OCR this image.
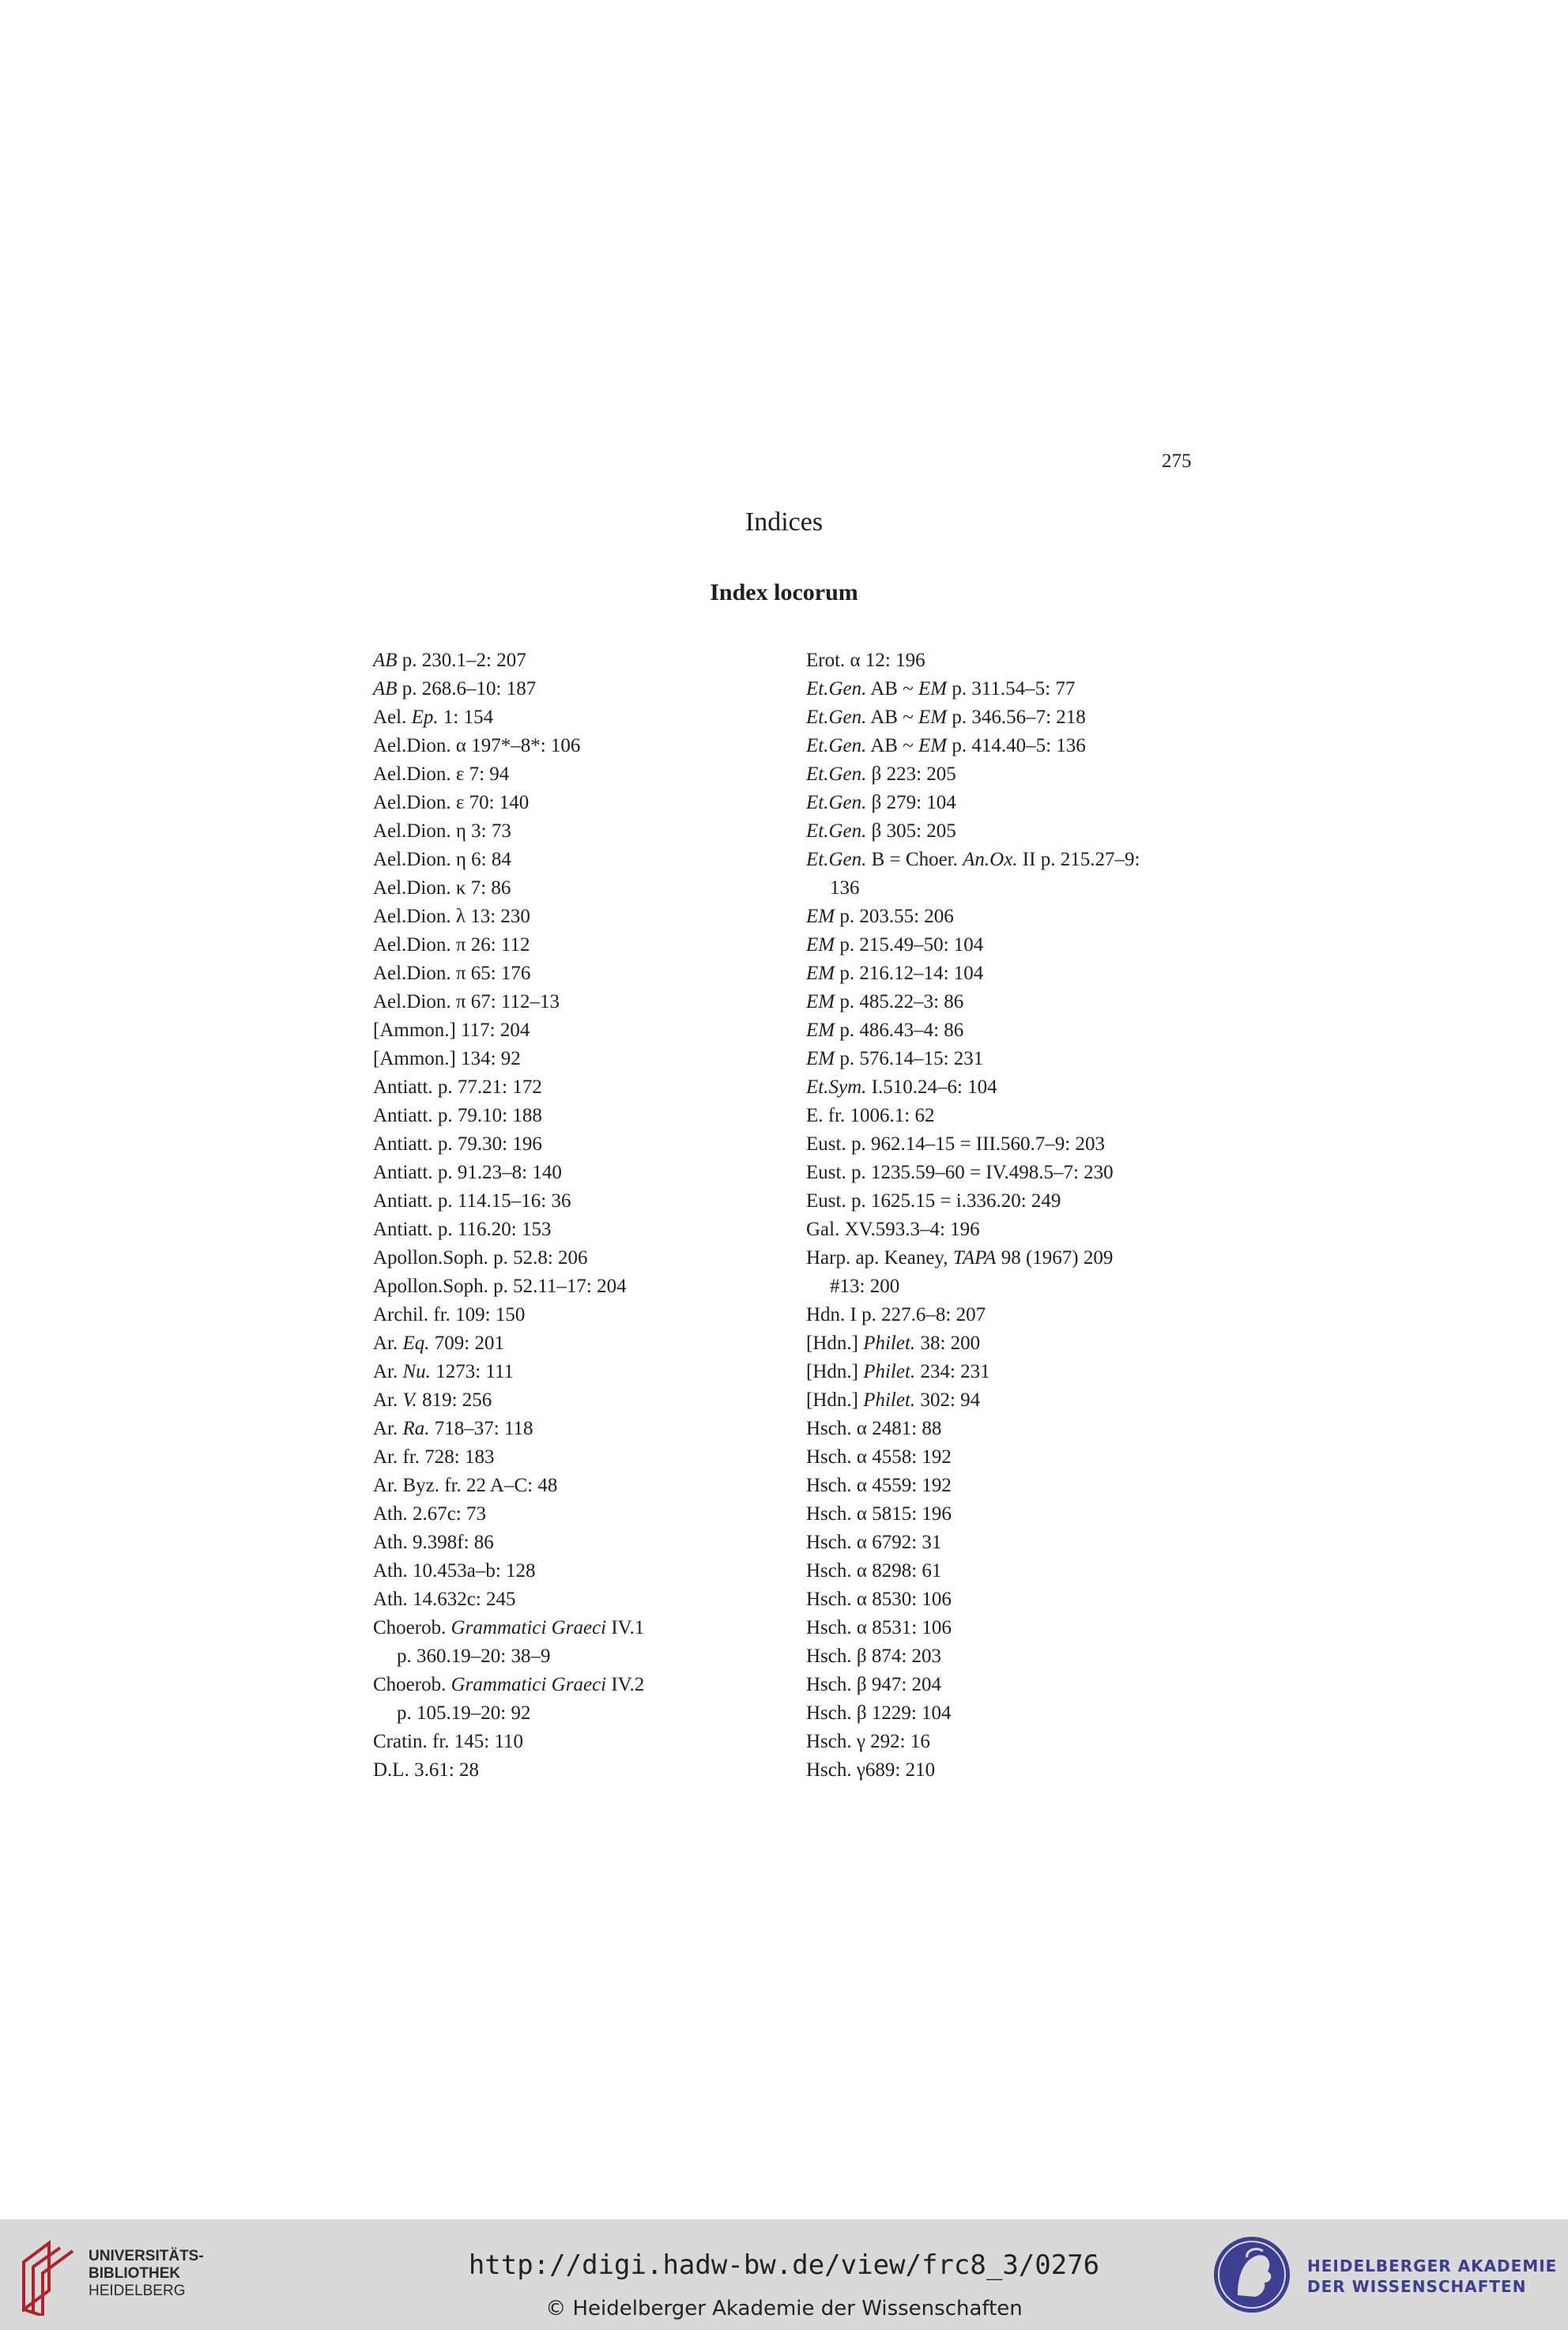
275
Indices
Index locorum
AB p. 230.1–2: 207
AB p. 268.6–10: 187
Ael. Ep. 1: 154
Ael.Dion. α 197*–8*: 106
Ael.Dion. ε 7: 94
Ael.Dion. ε 70: 140
Ael.Dion. η 3: 73
Ael.Dion. η 6: 84
Ael.Dion. κ 7: 86
Ael.Dion. λ 13: 230
Ael.Dion. π 26: 112
Ael.Dion. π 65: 176
Ael.Dion. π 67: 112–13
[Ammon.] 117: 204
[Ammon.] 134: 92
Antiatt. p. 77.21: 172
Antiatt. p. 79.10: 188
Antiatt. p. 79.30: 196
Antiatt. p. 91.23–8: 140
Antiatt. p. 114.15–16: 36
Antiatt. p. 116.20: 153
Apollon.Soph. p. 52.8: 206
Apollon.Soph. p. 52.11–17: 204
Archil. fr. 109: 150
Ar. Eq. 709: 201
Ar. Nu. 1273: 111
Ar. V. 819: 256
Ar. Ra. 718–37: 118
Ar. fr. 728: 183
Ar. Byz. fr. 22 A–C: 48
Ath. 2.67c: 73
Ath. 9.398f: 86
Ath. 10.453a–b: 128
Ath. 14.632c: 245
Choerob. Grammatici Graeci IV.1
p. 360.19–20: 38–9
Choerob. Grammatici Graeci IV.2
p. 105.19–20: 92
Cratin. fr. 145: 110
D.L. 3.61: 28
Erot. α 12: 196
Et.Gen. AB ~ EM p. 311.54–5: 77
Et.Gen. AB ~ EM p. 346.56–7: 218
Et.Gen. AB ~ EM p. 414.40–5: 136
Et.Gen. β 223: 205
Et.Gen. β 279: 104
Et.Gen. β 305: 205
Et.Gen. B = Choer. An.Ox. II p. 215.27–9:
136
EM p. 203.55: 206
EM p. 215.49–50: 104
EM p. 216.12–14: 104
EM p. 485.22–3: 86
EM p. 486.43–4: 86
EM p. 576.14–15: 231
Et.Sym. I.510.24–6: 104
E. fr. 1006.1: 62
Eust. p. 962.14–15 = III.560.7–9: 203
Eust. p. 1235.59–60 = IV.498.5–7: 230
Eust. p. 1625.15 = i.336.20: 249
Gal. XV.593.3–4: 196
Harp. ap. Keaney, TAPA 98 (1967) 209
#13: 200
Hdn. I p. 227.6–8: 207
[Hdn.] Philet. 38: 200
[Hdn.] Philet. 234: 231
[Hdn.] Philet. 302: 94
Hsch. α 2481: 88
Hsch. α 4558: 192
Hsch. α 4559: 192
Hsch. α 5815: 196
Hsch. α 6792: 31
Hsch. α 8298: 61
Hsch. α 8530: 106
Hsch. α 8531: 106
Hsch. β 874: 203
Hsch. β 947: 204
Hsch. β 1229: 104
Hsch. γ 292: 16
Hsch. γ689: 210
UNIVERSITÄTS-
BIBLIOTHEK
HEIDELBERG
http://digi.hadw-bw.de/view/frc8_3/0276
© Heidelberger Akademie der Wissenschaften
HEIDELBERGER AKADEMIE
DER WISSENSCHAFTEN
